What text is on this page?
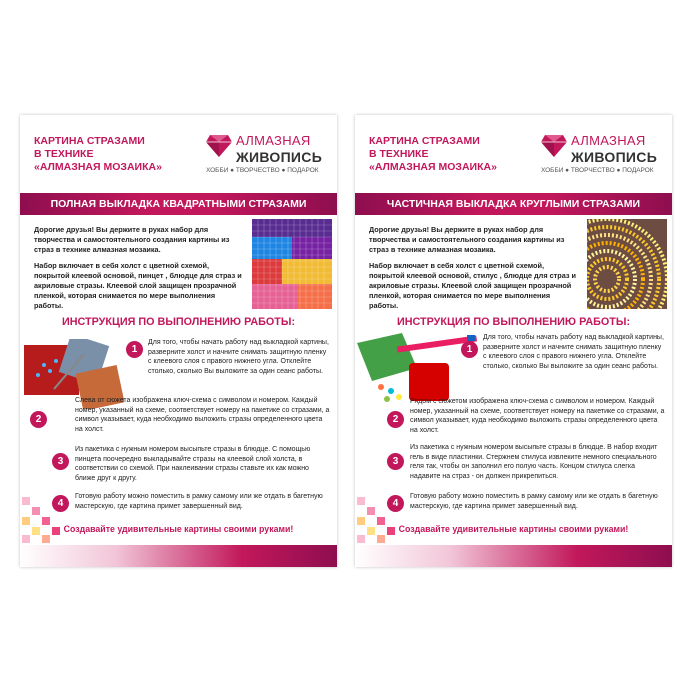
КАРТИНА СТРАЗАМИ
В ТЕХНИКЕ
«АЛМАЗНАЯ МОЗАИКА»
АЛМАЗНАЯ
ЖИВОПИСЬ
ХОББИ ● ТВОРЧЕСТВО ● ПОДАРОК
ПОЛНАЯ ВЫКЛАДКА КВАДРАТНЫМИ СТРАЗАМИ

Дорогие друзья! Вы держите в руках набор для творчества и самостоятельного создания картины из страз в технике алмазная мозаика.

Набор включает в себя холст с цветной схемой, покрытой клеевой основой, пинцет , блюдце для страз и акриловые стразы. Клеевой слой защищен прозрачной пленкой, которая снимается по мере выполнения работы.

ИНСТРУКЦИЯ ПО ВЫПОЛНЕНИЮ РАБОТЫ:
1
Для того, чтобы начать работу над выкладкой картины, разверните холст и начните снимать защитную пленку с клеевого слоя с правого нижнего угла. Отклейте столько, сколько Вы выложите за один сеанс работы.
2
Слева от сюжета изображена ключ-схема с символом и номером. Каждый номер, указанный на схеме, соответствует номеру на пакетике со стразами, а символ указывает, куда необходимо выложить стразы определенного цвета на холст.
3
Из пакетика с нужным номером высыпьте стразы в блюдце. С помощью пинцета поочередно выкладывайте стразы на клеевой слой холста, в соответствии со схемой. При наклеивании стразы ставьте их как можно ближе друг к другу.
4
Готовую работу можно поместить в рамку самому или же отдать в багетную мастерскую, где картина примет завершенный вид.
Создавайте удивительные картины своими руками!
КАРТИНА СТРАЗАМИ
В ТЕХНИКЕ
«АЛМАЗНАЯ МОЗАИКА»
АЛМАЗНАЯ
ЖИВОПИСЬ
ХОББИ ● ТВОРЧЕСТВО ● ПОДАРОК
ЧАСТИЧНАЯ ВЫКЛАДКА КРУГЛЫМИ СТРАЗАМИ

Дорогие друзья! Вы держите в руках набор для творчества и самостоятельного создания картины из страз в технике алмазная мозаика.

Набор включает в себя холст с цветной схемой, покрытой клеевой основой, стилус , блюдце для страз и акриловые стразы. Клеевой слой защищен прозрачной пленкой, которая снимается по мере выполнения работы.

ИНСТРУКЦИЯ ПО ВЫПОЛНЕНИЮ РАБОТЫ:
1
Для того, чтобы начать работу над выкладкой картины, разверните холст и начните снимать защитную пленку с клеевого слоя с правого нижнего угла. Отклейте столько, сколько Вы выложите за один сеанс работы.
2
Рядом с сюжетом изображена ключ-схема с символом и номером. Каждый номер, указанный на схеме, соответствует номеру на пакетике со стразами, а символ указывает, куда необходимо выложить стразы определенного цвета на холст.
3
Из пакетика с нужным номером высыпьте стразы в блюдце. В набор входит гель в виде пластинки. Стержнем стилуса извлеките немного специального геля так, чтобы он заполнил его полую часть. Концом стилуса слегка надавите на страз - он должен прикрепиться.
4
Готовую работу можно поместить в рамку самому или же отдать в багетную мастерскую, где картина примет завершенный вид.
Создавайте удивительные картины своими руками!
